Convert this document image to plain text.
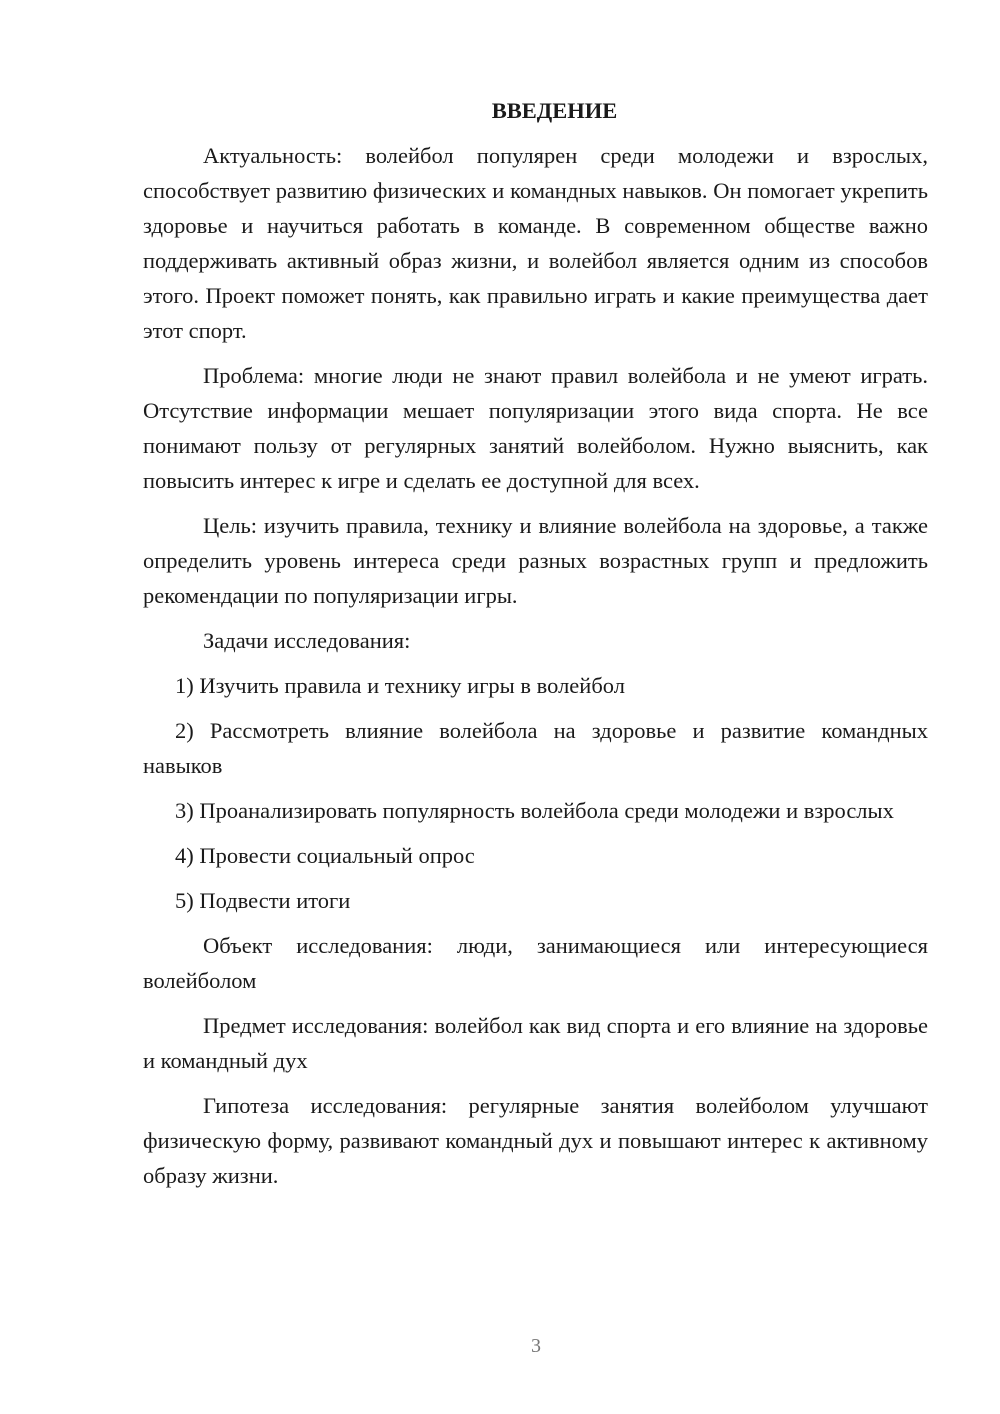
ВВЕДЕНИЕ

Актуальность: волейбол популярен среди молодежи и взрослых, способствует развитию физических и командных навыков. Он помогает укрепить здоровье и научиться работать в команде. В современном обществе важно поддерживать активный образ жизни, и волейбол является одним из способов этого. Проект поможет понять, как правильно играть и какие преимущества дает этот спорт.

Проблема: многие люди не знают правил волейбола и не умеют играть. Отсутствие информации мешает популяризации этого вида спорта. Не все понимают пользу от регулярных занятий волейболом. Нужно выяснить, как повысить интерес к игре и сделать ее доступной для всех.

Цель: изучить правила, технику и влияние волейбола на здоровье, а также определить уровень интереса среди разных возрастных групп и предложить рекомендации по популяризации игры.

Задачи исследования:

1) Изучить правила и технику игры в волейбол

2) Рассмотреть влияние волейбола на здоровье и развитие командных навыков

3) Проанализировать популярность волейбола среди молодежи и взрослых

4) Провести социальный опрос

5) Подвести итоги

Объект исследования: люди, занимающиеся или интересующиеся волейболом

Предмет исследования: волейбол как вид спорта и его влияние на здоровье и командный дух

Гипотеза исследования: регулярные занятия волейболом улучшают физическую форму, развивают командный дух и повышают интерес к активному образу жизни.

3
